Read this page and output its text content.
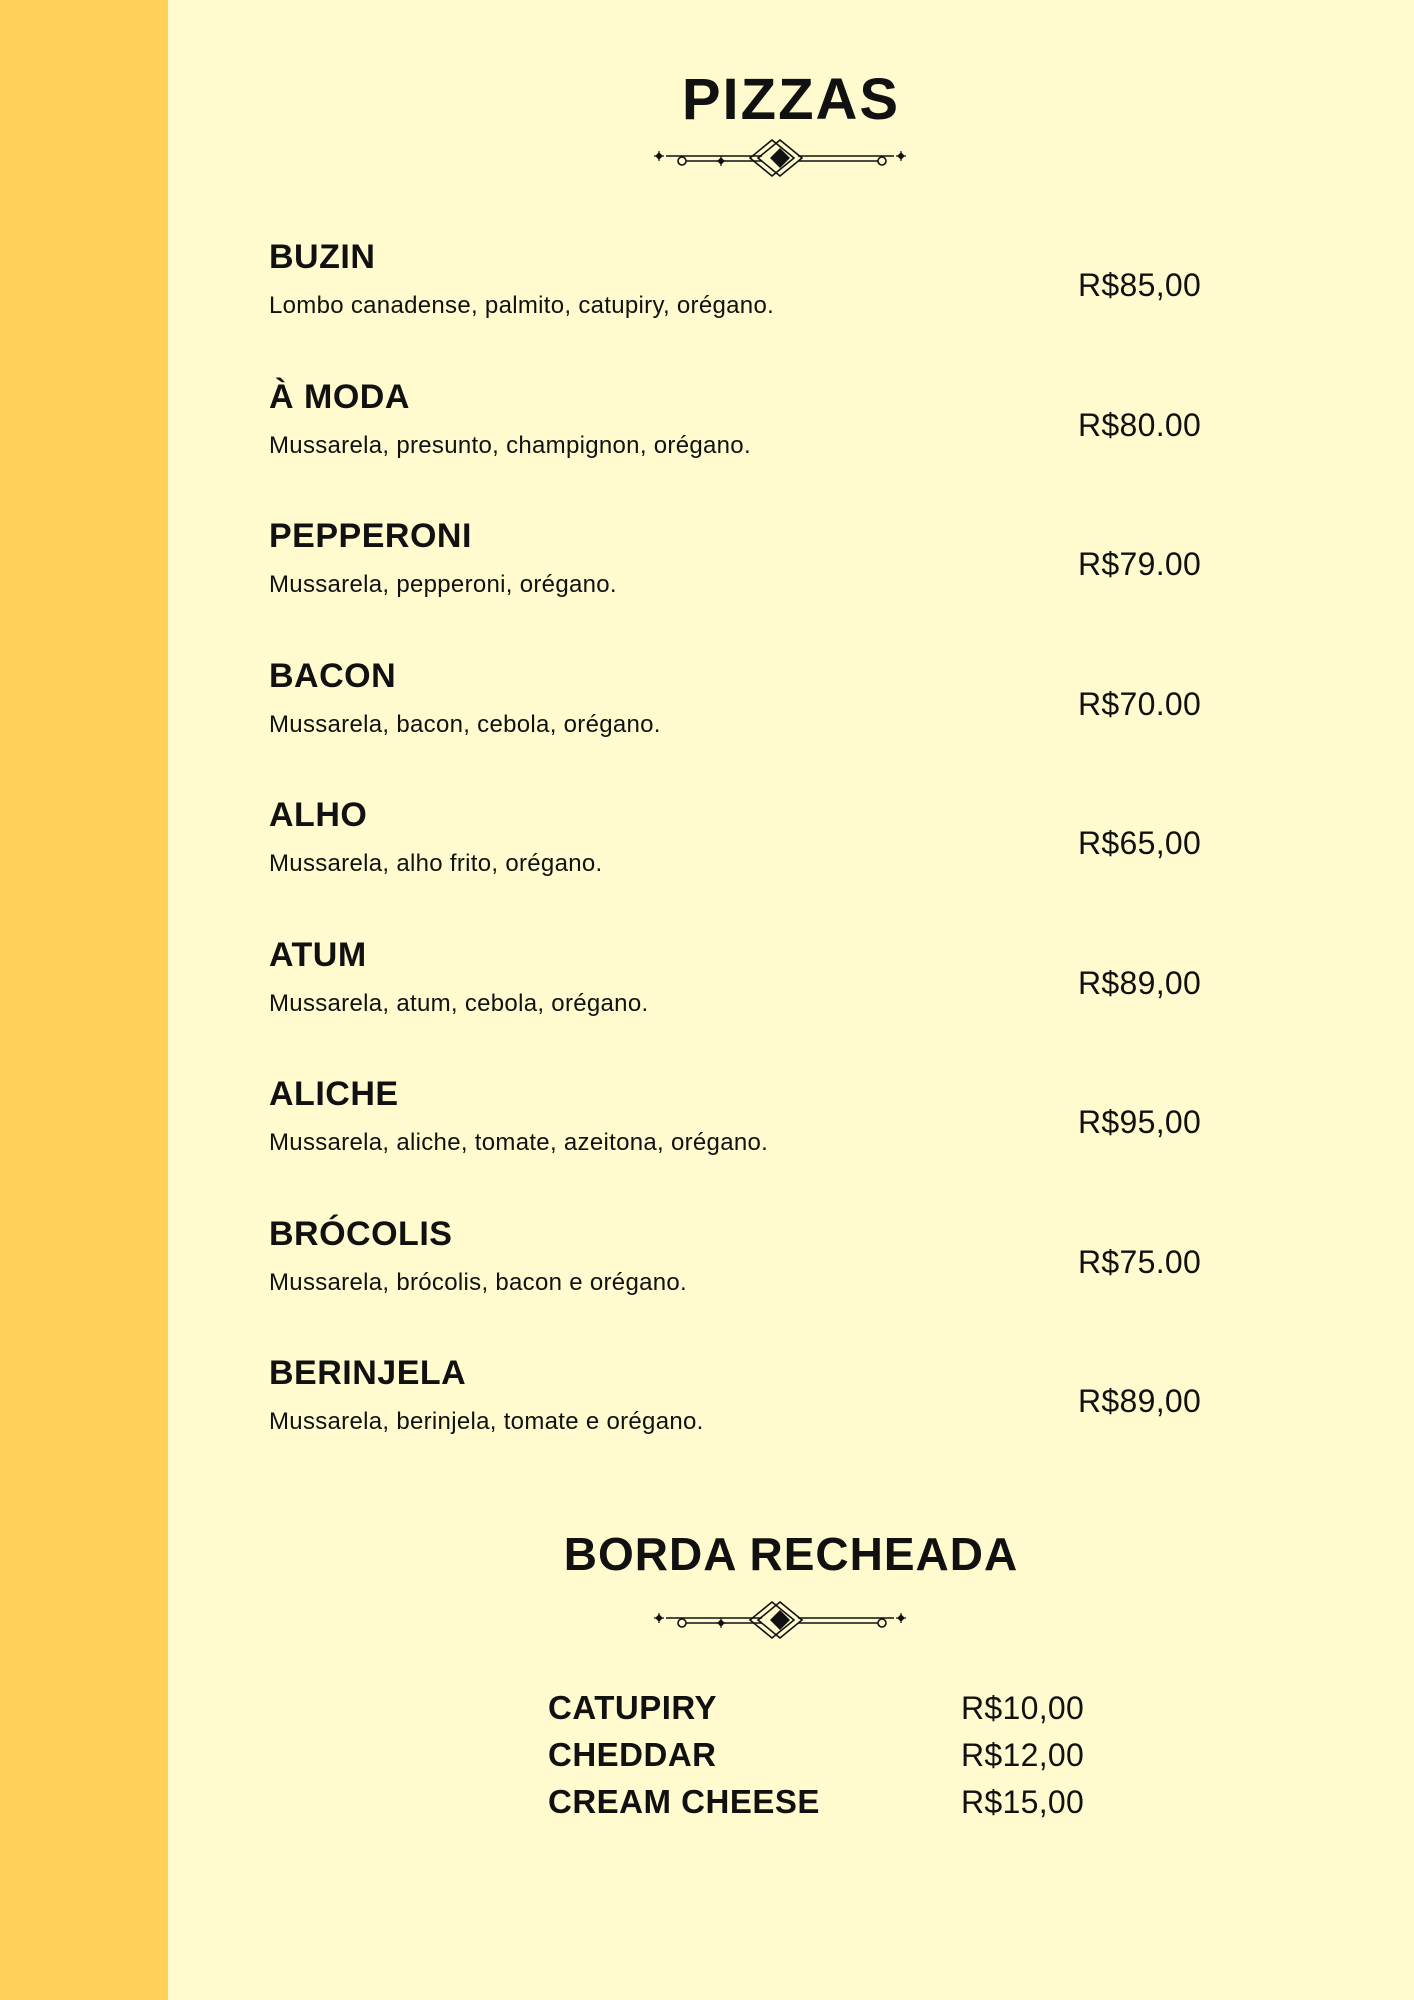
PIZZAS
BUZIN
Lombo canadense, palmito, catupiry, orégano.
R$85,00
À MODA
Mussarela, presunto, champignon, orégano.
R$80.00
PEPPERONI
Mussarela, pepperoni, orégano.
R$79.00
BACON
Mussarela, bacon, cebola, orégano.
R$70.00
ALHO
Mussarela, alho frito, orégano.
R$65,00
ATUM
Mussarela, atum, cebola, orégano.
R$89,00
ALICHE
Mussarela, aliche, tomate, azeitona, orégano.
R$95,00
BRÓCOLIS
Mussarela, brócolis, bacon e orégano.
R$75.00
BERINJELA
Mussarela, berinjela, tomate e orégano.
R$89,00
BORDA RECHEADA
CATUPIRY	R$10,00
CHEDDAR	R$12,00
CREAM CHEESE	R$15,00
